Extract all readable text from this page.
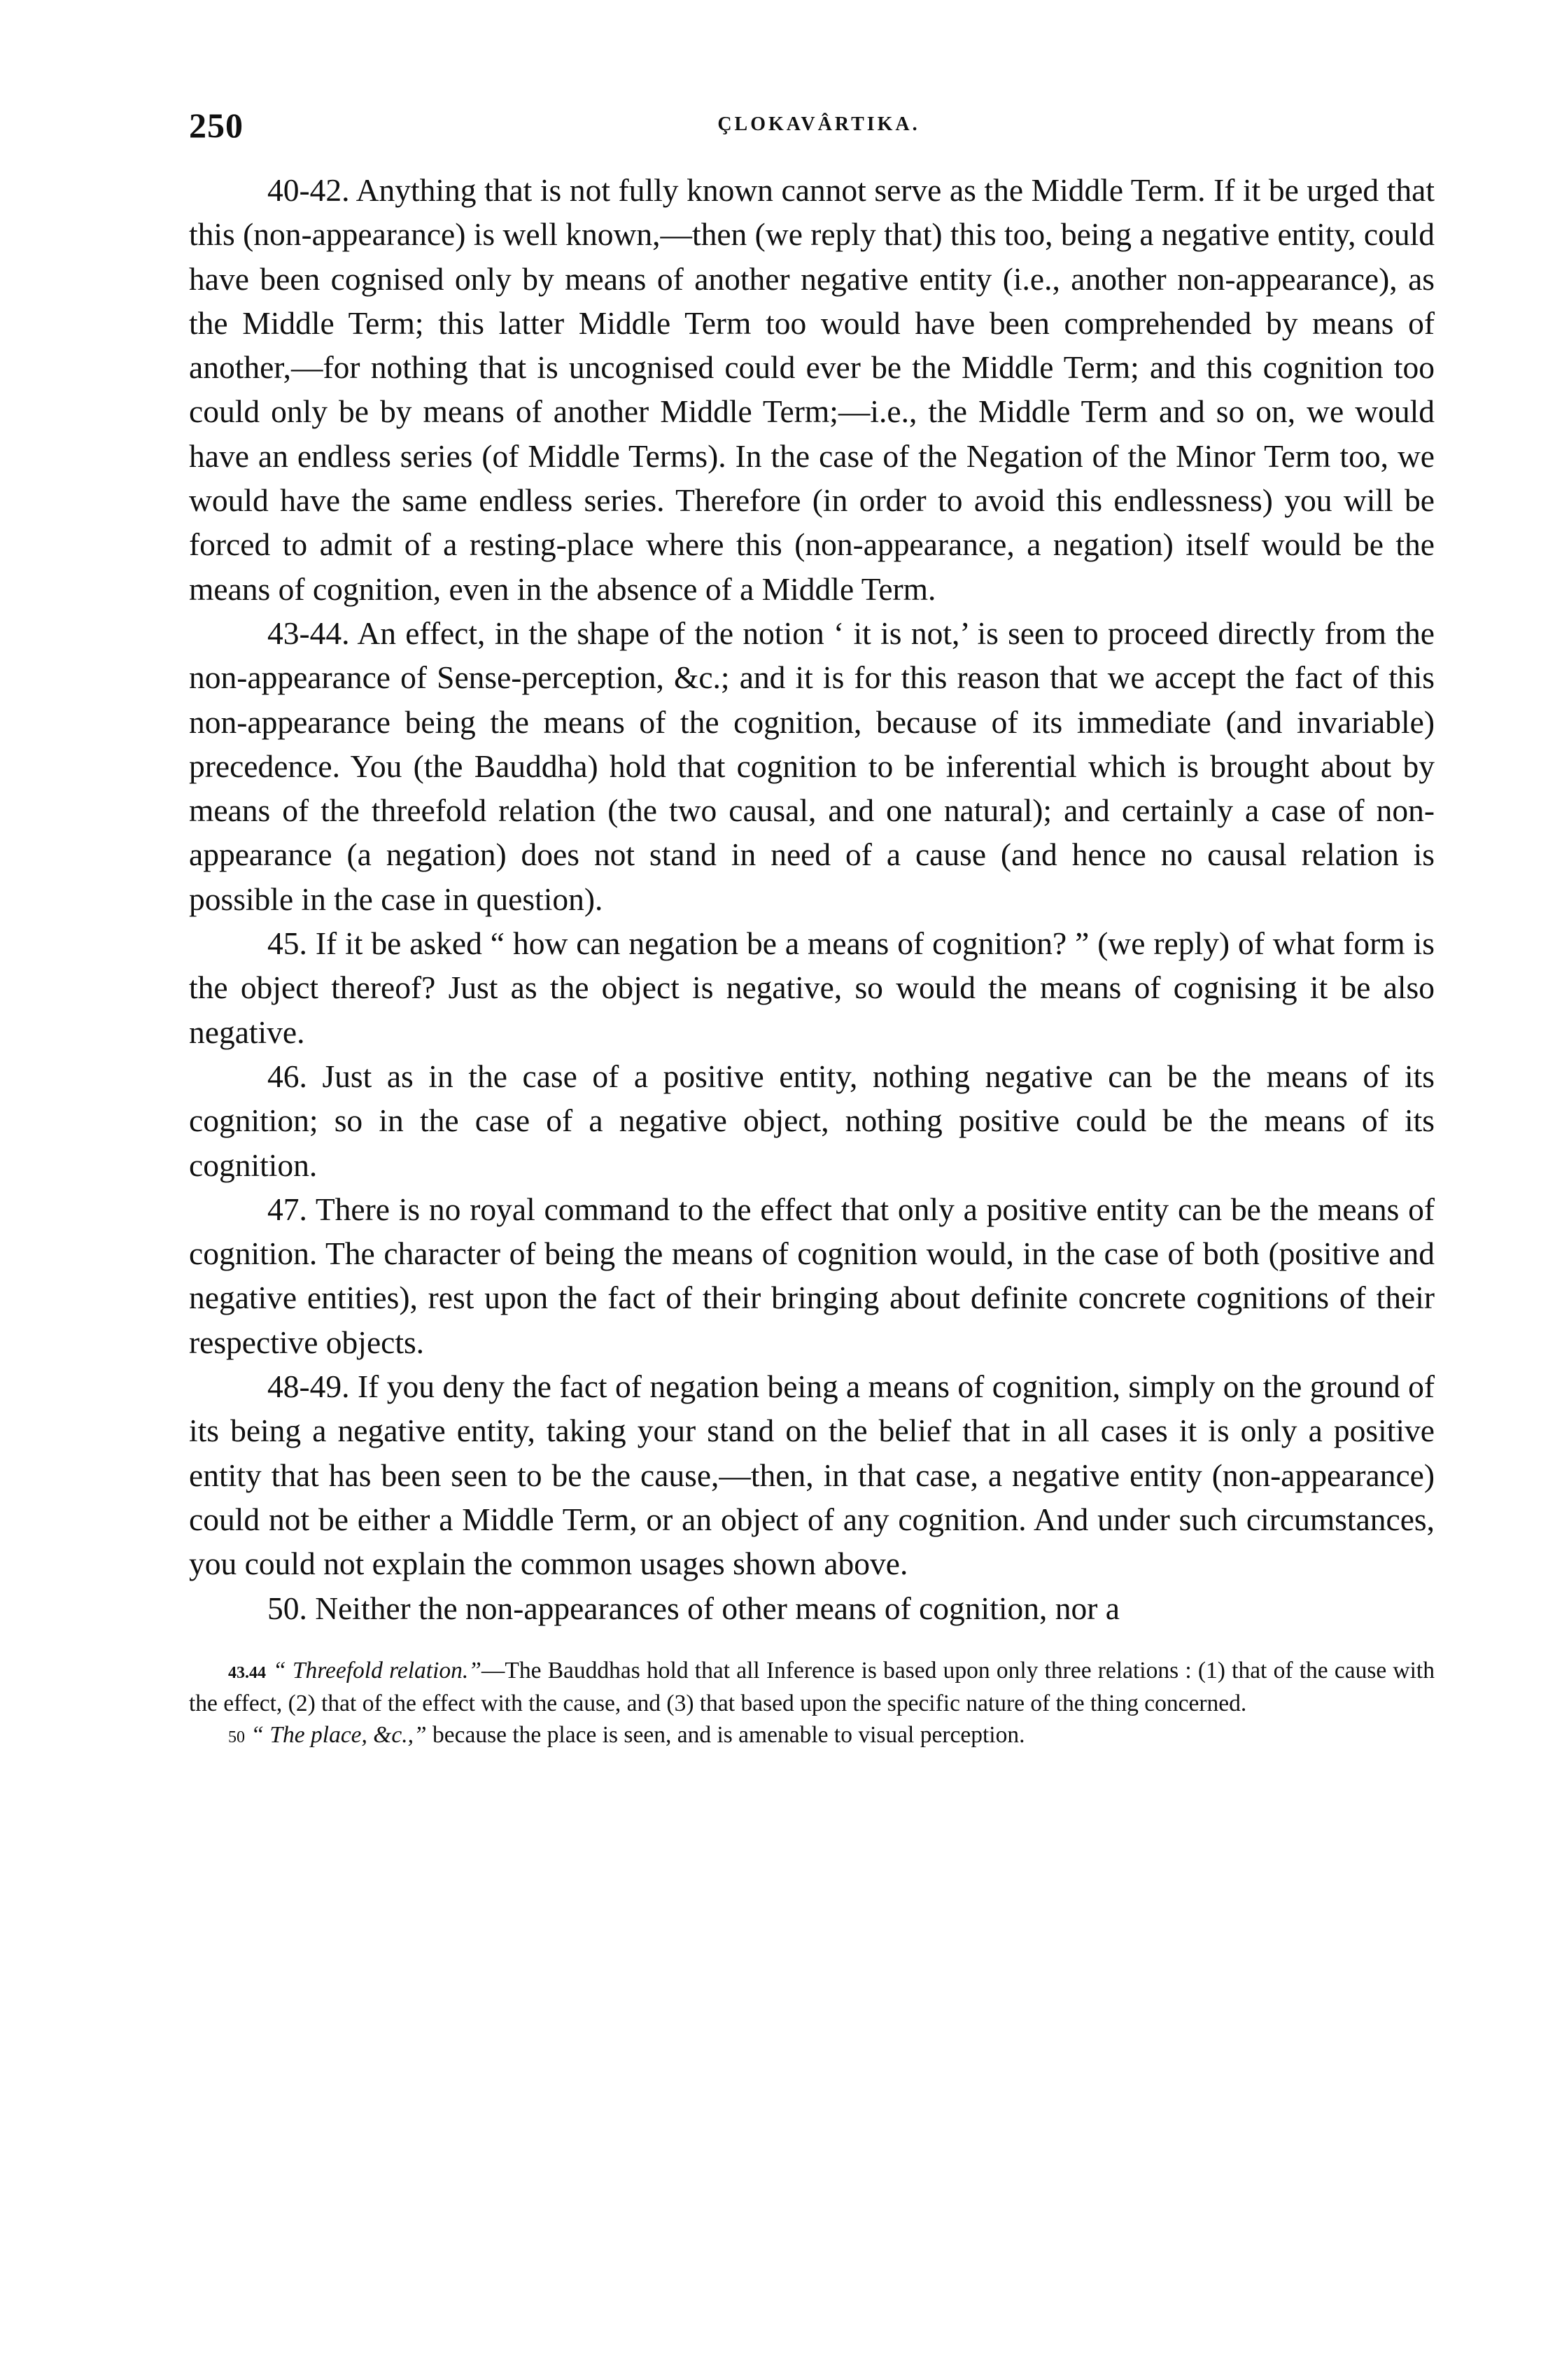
250	ÇLOKAVÂRTIKA.

40-42. Anything that is not fully known cannot serve as the Middle Term. If it be urged that this (non-appearance) is well known,—then (we reply that) this too, being a negative entity, could have been cognised only by means of another negative entity (i.e., another non-appearance), as the Middle Term; this latter Middle Term too would have been comprehended by means of another,—for nothing that is uncognised could ever be the Middle Term; and this cognition too could only be by means of another Middle Term;—i.e., the Middle Term and so on, we would have an endless series (of Middle Terms). In the case of the Negation of the Minor Term too, we would have the same endless series. Therefore (in order to avoid this endlessness) you will be forced to admit of a resting-place where this (non-appearance, a negation) itself would be the means of cognition, even in the absence of a Middle Term.

43-44. An effect, in the shape of the notion ‘ it is not,’ is seen to proceed directly from the non-appearance of Sense-perception, &c.; and it is for this reason that we accept the fact of this non-appearance being the means of the cognition, because of its immediate (and invariable) precedence. You (the Bauddha) hold that cognition to be inferential which is brought about by means of the threefold relation (the two causal, and one natural); and certainly a case of non-appearance (a negation) does not stand in need of a cause (and hence no causal relation is possible in the case in question).

45. If it be asked “ how can negation be a means of cognition? ” (we reply) of what form is the object thereof? Just as the object is negative, so would the means of cognising it be also negative.

46. Just as in the case of a positive entity, nothing negative can be the means of its cognition; so in the case of a negative object, nothing positive could be the means of its cognition.

47. There is no royal command to the effect that only a positive entity can be the means of cognition. The character of being the means of cognition would, in the case of both (positive and negative entities), rest upon the fact of their bringing about definite concrete cognitions of their respective objects.

48-49. If you deny the fact of negation being a means of cognition, simply on the ground of its being a negative entity, taking your stand on the belief that in all cases it is only a positive entity that has been seen to be the cause,—then, in that case, a negative entity (non-appearance) could not be either a Middle Term, or an object of any cognition. And under such circumstances, you could not explain the common usages shown above.

50. Neither the non-appearances of other means of cognition, nor a

43.44 “ Threefold relation.”—The Bauddhas hold that all Inference is based upon only three relations : (1) that of the cause with the effect, (2) that of the effect with the cause, and (3) that based upon the specific nature of the thing concerned.

50 “ The place, &c.,” because the place is seen, and is amenable to visual perception.
